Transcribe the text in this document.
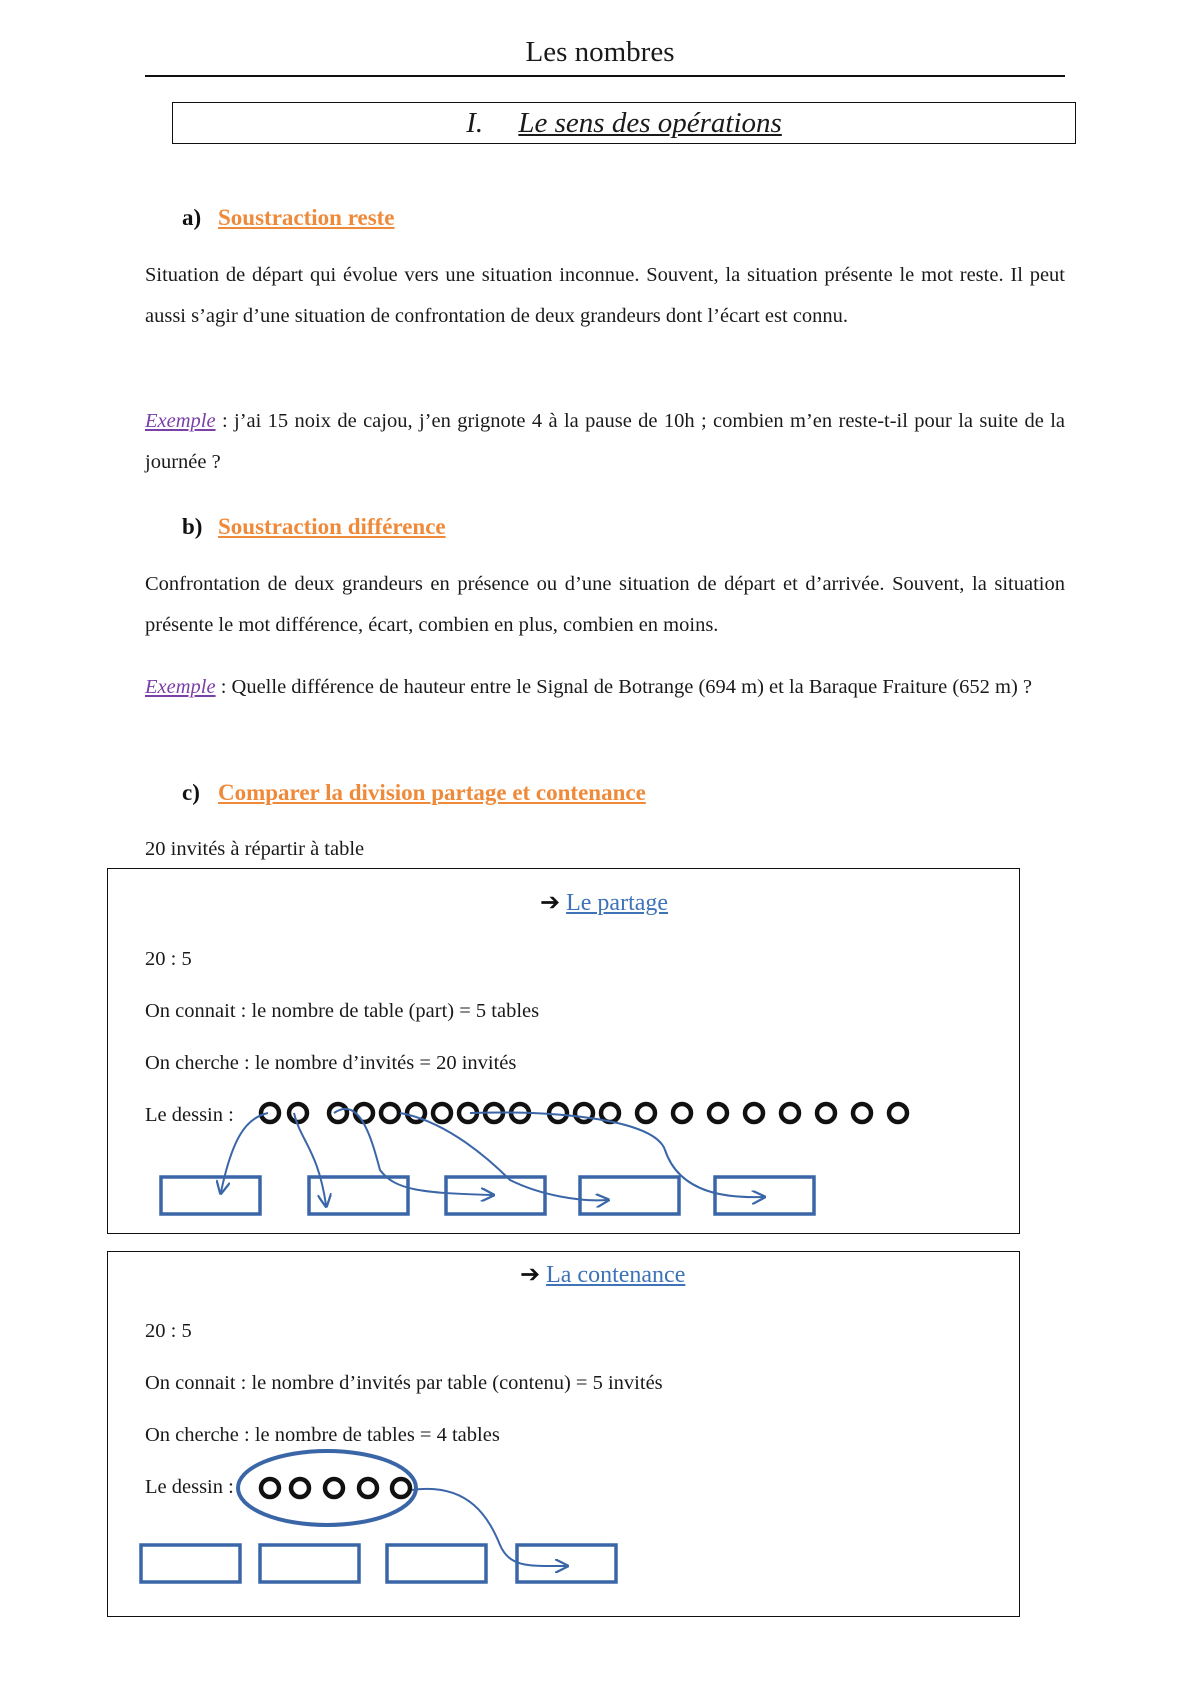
Les nombres
I. Le sens des opérations
a) Soustraction reste
Situation de départ qui évolue vers une situation inconnue. Souvent, la situation présente le mot reste. Il peut aussi s’agir d’une situation de confrontation de deux grandeurs dont l’écart est connu.
Exemple : j’ai 15 noix de cajou, j’en grignote 4 à la pause de 10h ; combien m’en reste-t-il pour la suite de la journée ?
b) Soustraction différence
Confrontation de deux grandeurs en présence ou d’une situation de départ et d’arrivée. Souvent, la situation présente le mot différence, écart, combien en plus, combien en moins.
Exemple : Quelle différence de hauteur entre le Signal de Botrange (694 m) et la Baraque Fraiture (652 m) ?
c) Comparer la division partage et contenance
20 invités à répartir à table
➔ Le partage
20 : 5
On connait : le nombre de table (part) = 5 tables
On cherche : le nombre d’invités = 20 invités
Le dessin :
➔ La contenance
20 : 5
On connait : le nombre d’invités par table (contenu) = 5 invités
On cherche : le nombre de tables = 4 tables
Le dessin :
